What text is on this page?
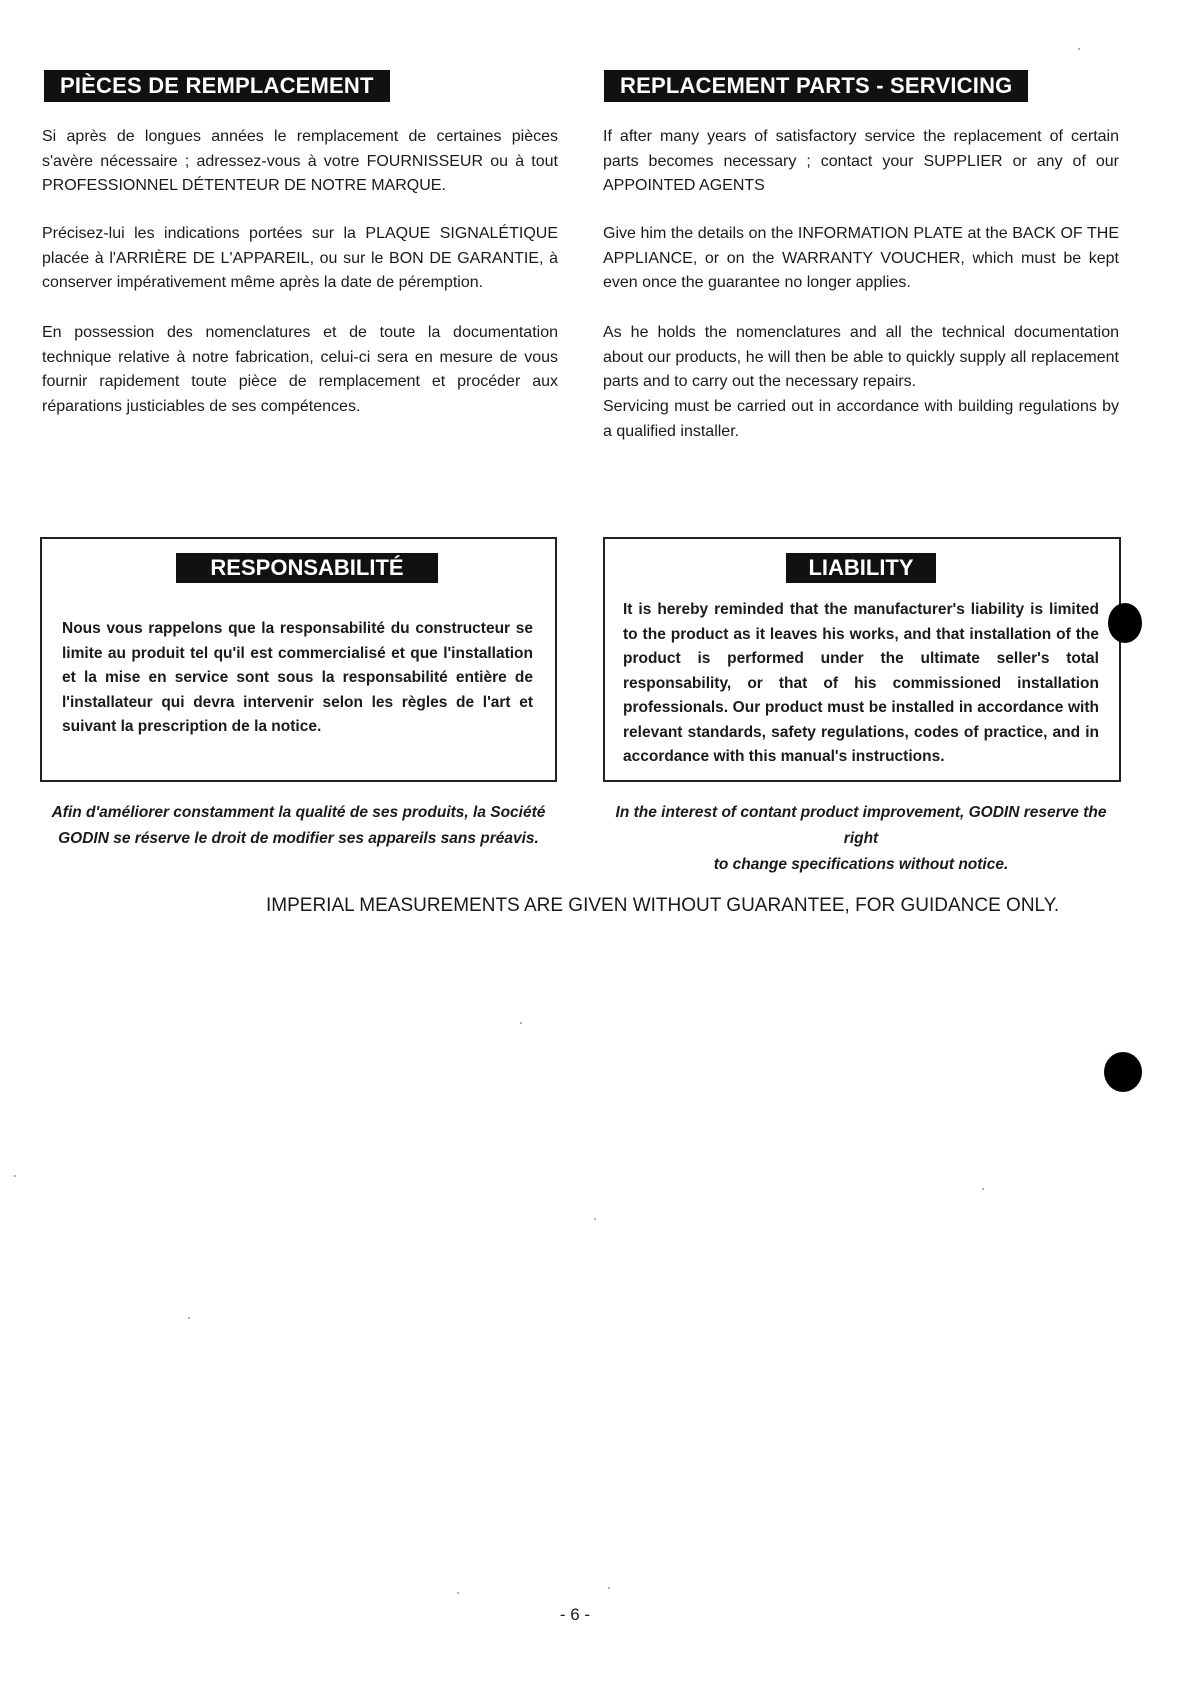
PIÈCES DE REMPLACEMENT
Si après de longues années le remplacement de certaines pièces s'avère nécessaire ; adressez-vous à votre FOURNISSEUR ou à tout PROFESSIONNEL DÉTENTEUR DE NOTRE MARQUE.
Précisez-lui les indications portées sur la PLAQUE SIGNALÉTIQUE placée à l'ARRIÈRE DE L'APPAREIL, ou sur le BON DE GARANTIE, à conserver impérativement même après la date de péremption.
En possession des nomenclatures et de toute la documentation technique relative à notre fabrication, celui-ci sera en mesure de vous fournir rapidement toute pièce de remplacement et procéder aux réparations justiciables de ses compétences.
REPLACEMENT PARTS - SERVICING
If after many years of satisfactory service the replacement of certain parts becomes necessary ; contact your SUPPLIER or any of our APPOINTED AGENTS
Give him the details on the INFORMATION PLATE at the BACK OF THE APPLIANCE, or on the WARRANTY VOUCHER, which must be kept even once the guarantee no longer applies.
As he holds the nomenclatures and all the technical documentation about our products, he will then be able to quickly supply all replacement parts and to carry out the necessary repairs.
Servicing must be carried out in accordance with building regulations by a qualified installer.
RESPONSABILITÉ
Nous vous rappelons que la responsabilité du constructeur se limite au produit tel qu'il est commercialisé et que l'installation et la mise en service sont sous la responsabilité entière de l'installateur qui devra intervenir selon les règles de l'art et suivant la prescription de la notice.
LIABILITY
It is hereby reminded that the manufacturer's liability is limited to the product as it leaves his works, and that installation of the product is performed under the ultimate seller's total responsability, or that of his commissioned installation professionals. Our product must be installed in accordance with relevant standards, safety regulations, codes of practice, and in accordance with this manual's instructions.
Afin d'améliorer constamment la qualité de ses produits, la Société
GODIN se réserve le droit de modifier ses appareils sans préavis.
In the interest of contant product improvement, GODIN reserve the right
to change specifications without notice.
IMPERIAL MEASUREMENTS ARE GIVEN WITHOUT GUARANTEE, FOR GUIDANCE ONLY.
- 6 -
